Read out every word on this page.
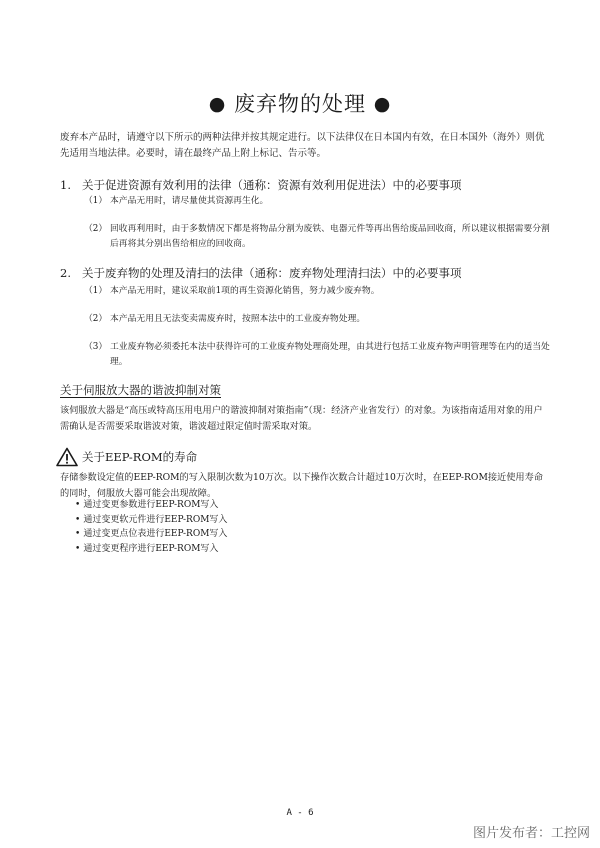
● 废弃物的处理 ●
废弃本产品时，请遵守以下所示的两种法律并按其规定进行。以下法律仅在日本国内有效，在日本国外（海外）则优先适用当地法律。必要时，请在最终产品上附上标记、告示等。
1. 关于促进资源有效利用的法律（通称：资源有效利用促进法）中的必要事项
（1） 本产品无用时，请尽量使其资源再生化。
（2） 回收再利用时，由于多数情况下都是将物品分割为废铁、电器元件等再出售给废品回收商，所以建议根据需要分割后再将其分别出售给相应的回收商。
2. 关于废弃物的处理及清扫的法律（通称：废弃物处理清扫法）中的必要事项
（1） 本产品无用时，建议采取前1项的再生资源化销售，努力减少废弃物。
（2） 本产品无用且无法变卖需废弃时，按照本法中的工业废弃物处理。
（3） 工业废弃物必须委托本法中获得许可的工业废弃物处理商处理，由其进行包括工业废弃物声明管理等在内的适当处理。
关于伺服放大器的谐波抑制对策
该伺服放大器是“高压或特高压用电用户的谐波抑制对策指南”（现：经济产业省发行）的对象。为该指南适用对象的用户需确认是否需要采取谐波对策，谐波超过限定值时需采取对策。
关于EEP-ROM的寿命
存储参数设定值的EEP-ROM的写入限制次数为10万次。以下操作次数合计超过10万次时，在EEP-ROM接近使用寿命的同时，伺服放大器可能会出现故障。
• 通过变更参数进行EEP-ROM写入
• 通过变更软元件进行EEP-ROM写入
• 通过变更点位表进行EEP-ROM写入
• 通过变更程序进行EEP-ROM写入
A - 6
图片发布者：工控网
